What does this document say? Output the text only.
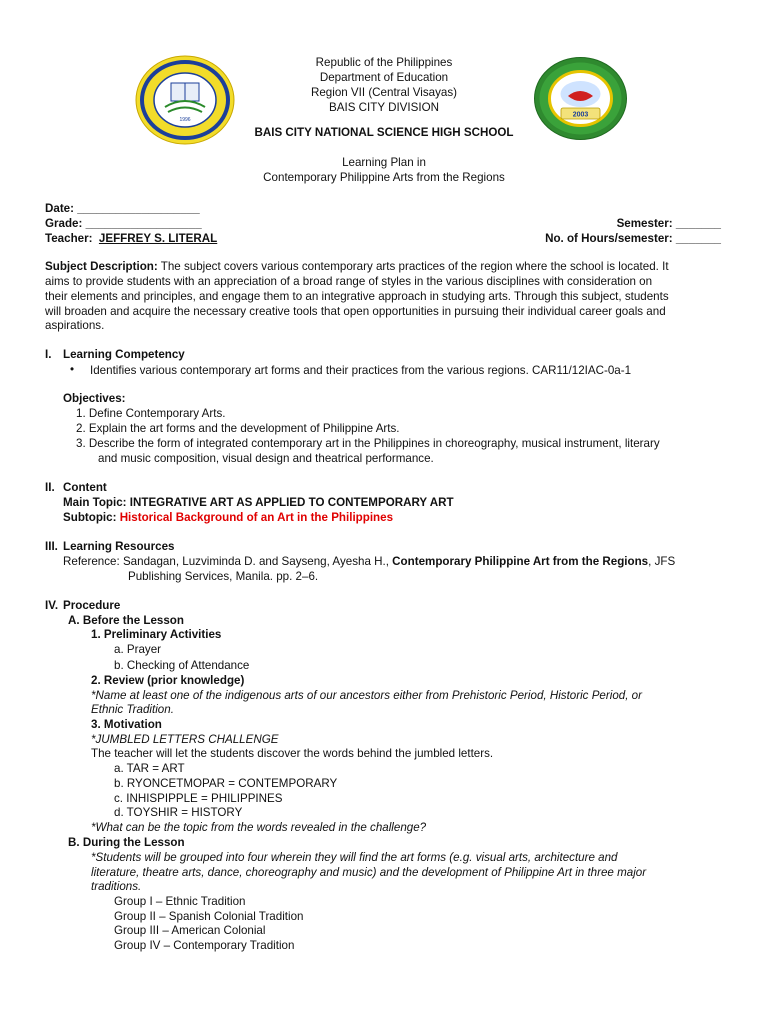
1996
2003
Republic of the Philippines
Department of Education
Region VII (Central Visayas)
BAIS CITY DIVISION
BAIS CITY NATIONAL SCIENCE HIGH SCHOOL
Learning Plan in
Contemporary Philippine Arts from the Regions
Date: ___________________
Grade: __________________
Teacher: JEFFREY S. LITERAL
Semester: _______
No. of Hours/semester: _______
Subject Description: The subject covers various contemporary arts practices of the region where the school is located. It
aims to provide students with an appreciation of a broad range of styles in the various disciplines with consideration on
their elements and principles, and engage them to an integrative approach in studying arts. Through this subject, students
will broaden and acquire the necessary creative tools that open opportunities in pursuing their individual career goals and
aspirations.
I. Learning Competency
• Identifies various contemporary art forms and their practices from the various regions. CAR11/12IAC-0a-1
Objectives:
1. Define Contemporary Arts.
2. Explain the art forms and the development of Philippine Arts.
3. Describe the form of integrated contemporary art in the Philippines in choreography, musical instrument, literary
and music composition, visual design and theatrical performance.
II. Content
Main Topic: INTEGRATIVE ART AS APPLIED TO CONTEMPORARY ART
Subtopic: Historical Background of an Art in the Philippines
III. Learning Resources
Reference: Sandagan, Luzviminda D. and Sayseng, Ayesha H., Contemporary Philippine Art from the Regions, JFS
Publishing Services, Manila. pp. 2–6.
IV. Procedure
A. Before the Lesson
1. Preliminary Activities
a. Prayer
b. Checking of Attendance
2. Review (prior knowledge)
*Name at least one of the indigenous arts of our ancestors either from Prehistoric Period, Historic Period, or
Ethnic Tradition.
3. Motivation
*JUMBLED LETTERS CHALLENGE
The teacher will let the students discover the words behind the jumbled letters.
a. TAR = ART
b. RYONCETMOPAR = CONTEMPORARY
c. INHISPIPPLE = PHILIPPINES
d. TOYSHIR = HISTORY
*What can be the topic from the words revealed in the challenge?
B. During the Lesson
*Students will be grouped into four wherein they will find the art forms (e.g. visual arts, architecture and
literature, theatre arts, dance, choreography and music) and the development of Philippine Art in three major
traditions.
Group I – Ethnic Tradition
Group II – Spanish Colonial Tradition
Group III – American Colonial
Group IV – Contemporary Tradition
